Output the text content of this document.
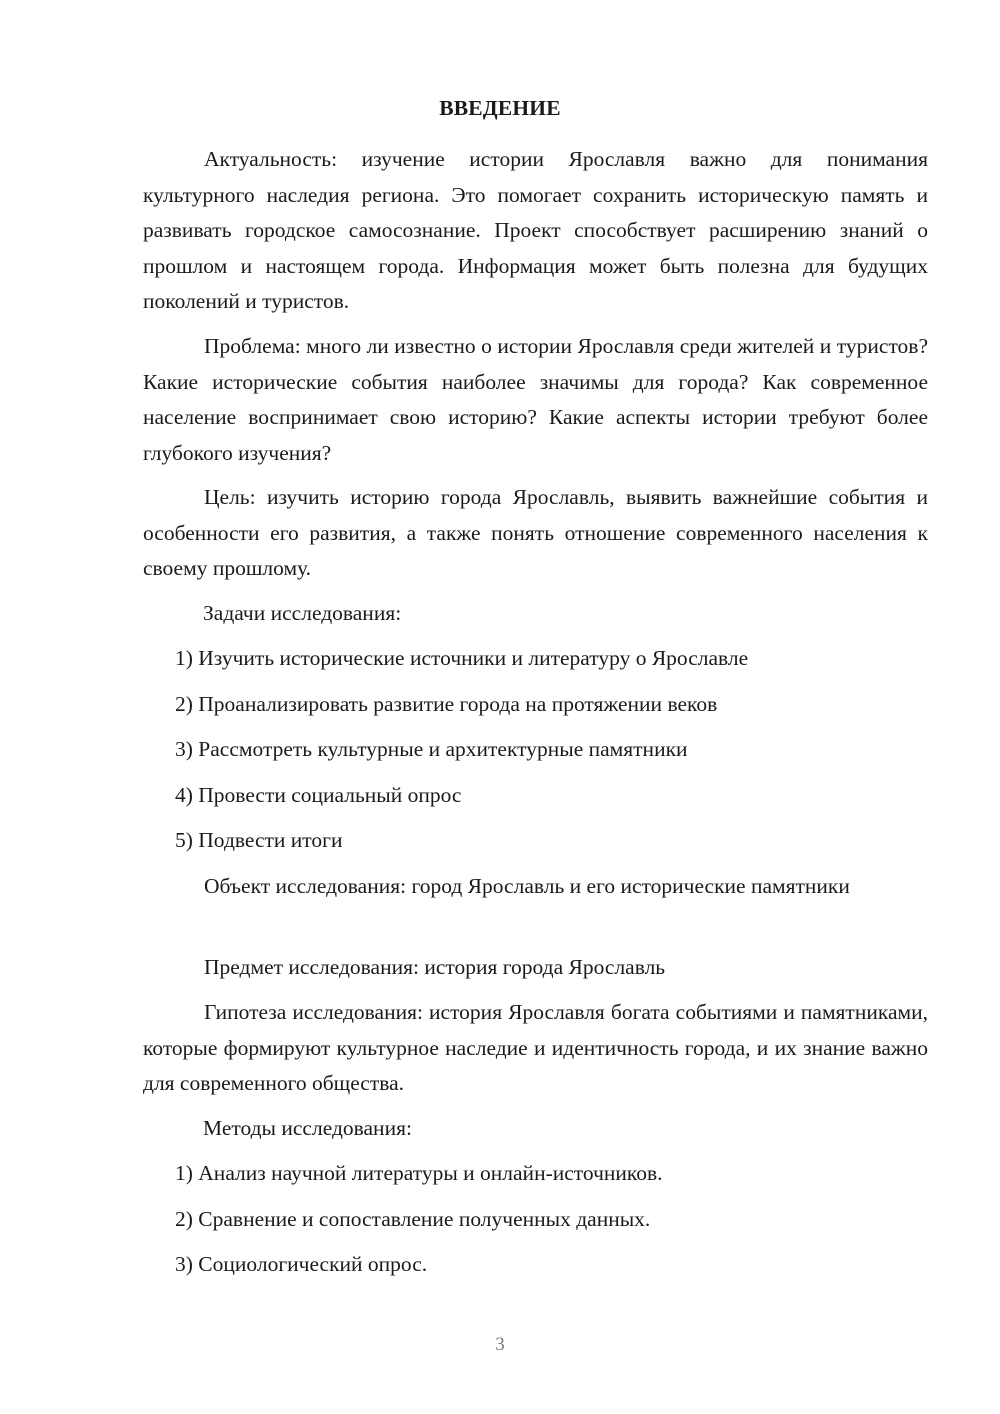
ВВЕДЕНИЕ

Актуальность: изучение истории Ярославля важно для понимания культурного наследия региона. Это помогает сохранить историческую память и развивать городское самосознание. Проект способствует расширению знаний о прошлом и настоящем города. Информация может быть полезна для будущих поколений и туристов.

Проблема: много ли известно о истории Ярославля среди жителей и туристов? Какие исторические события наиболее значимы для города? Как современное население воспринимает свою историю? Какие аспекты истории требуют более глубокого изучения?

Цель: изучить историю города Ярославль, выявить важнейшие события и особенности его развития, а также понять отношение современного населения к своему прошлому.

Задачи исследования:
1) Изучить исторические источники и литературу о Ярославле
2) Проанализировать развитие города на протяжении веков
3) Рассмотреть культурные и архитектурные памятники
4) Провести социальный опрос
5) Подвести итоги

Объект исследования: город Ярославль и его исторические памятники

Предмет исследования: история города Ярославль

Гипотеза исследования: история Ярославля богата событиями и памятниками, которые формируют культурное наследие и идентичность города, и их знание важно для современного общества.

Методы исследования:
1) Анализ научной литературы и онлайн-источников.
2) Сравнение и сопоставление полученных данных.
3) Социологический опрос.
3
